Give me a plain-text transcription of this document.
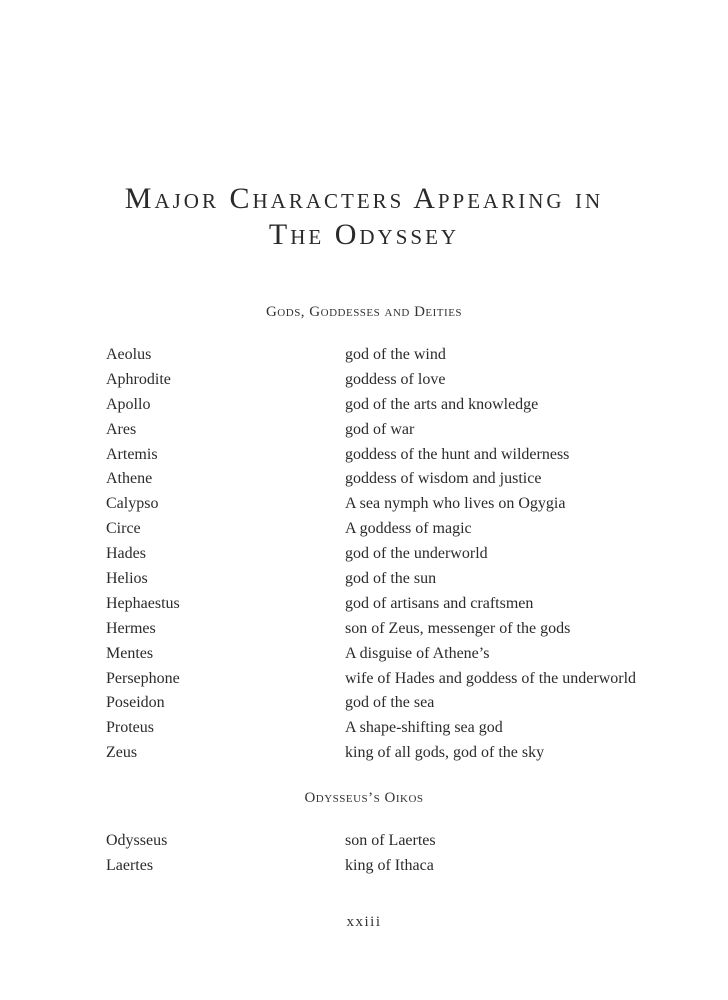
Major Characters Appearing in
The Odyssey
Gods, Goddesses and Deities
Aeolus	god of the wind
Aphrodite	goddess of love
Apollo	god of the arts and knowledge
Ares	god of war
Artemis	goddess of the hunt and wilderness
Athene	goddess of wisdom and justice
Calypso	A sea nymph who lives on Ogygia
Circe	A goddess of magic
Hades	god of the underworld
Helios	god of the sun
Hephaestus	god of artisans and craftsmen
Hermes	son of Zeus, messenger of the gods
Mentes	A disguise of Athene’s
Persephone	wife of Hades and goddess of the underworld
Poseidon	god of the sea
Proteus	A shape-shifting sea god
Zeus	king of all gods, god of the sky
Odysseus’s Oikos
Odysseus	son of Laertes
Laertes	king of Ithaca
xxiii
